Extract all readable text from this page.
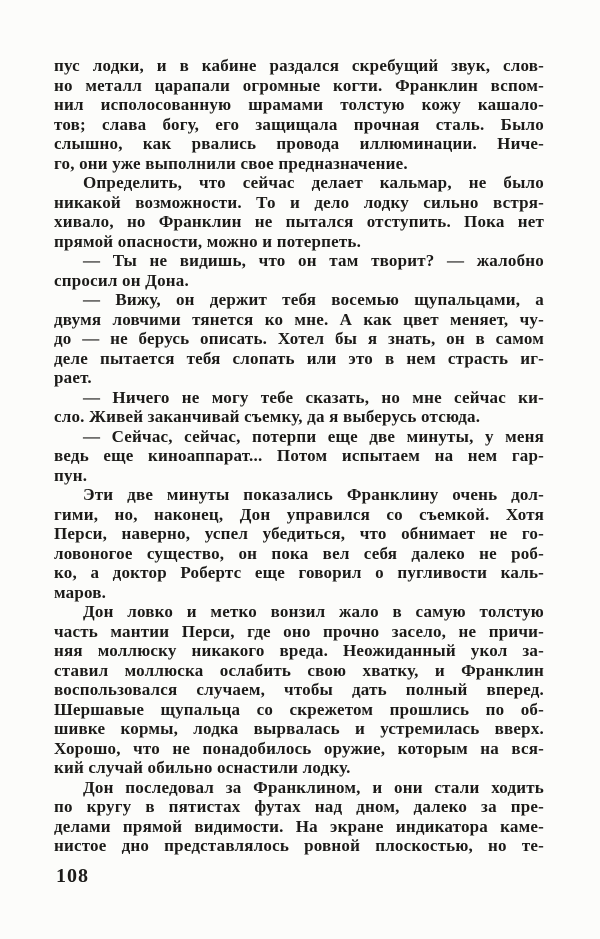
пус лодки, и в кабине раздался скребущий звук, слов-
но металл царапали огромные когти. Франклин вспом-
нил исполосованную шрамами толстую кожу кашало-
тов; слава богу, его защищала прочная сталь. Было
слышно, как рвались провода иллюминации. Ниче-
го, они уже выполнили свое предназначение.
Определить, что сейчас делает кальмар, не было
никакой возможности. То и дело лодку сильно встря-
хивало, но Франклин не пытался отступить. Пока нет
прямой опасности, можно и потерпеть.
— Ты не видишь, что он там творит? — жалобно
спросил он Дона.
— Вижу, он держит тебя восемью щупальцами, а
двумя ловчими тянется ко мне. А как цвет меняет, чу-
до — не берусь описать. Хотел бы я знать, он в самом
деле пытается тебя слопать или это в нем страсть иг-
рает.
— Ничего не могу тебе сказать, но мне сейчас ки-
сло. Живей заканчивай съемку, да я выберусь отсюда.
— Сейчас, сейчас, потерпи еще две минуты, у меня
ведь еще киноаппарат... Потом испытаем на нем гар-
пун.
Эти две минуты показались Франклину очень дол-
гими, но, наконец, Дон управился со съемкой. Хотя
Перси, наверно, успел убедиться, что обнимает не го-
ловоногое существо, он пока вел себя далеко не роб-
ко, а доктор Робертс еще говорил о пугливости каль-
маров.
Дон ловко и метко вонзил жало в самую толстую
часть мантии Перси, где оно прочно засело, не причи-
няя моллюску никакого вреда. Неожиданный укол за-
ставил моллюска ослабить свою хватку, и Франклин
воспользовался случаем, чтобы дать полный вперед.
Шершавые щупальца со скрежетом прошлись по об-
шивке кормы, лодка вырвалась и устремилась вверх.
Хорошо, что не понадобилось оружие, которым на вся-
кий случай обильно оснастили лодку.
Дон последовал за Франклином, и они стали ходить
по кругу в пятистах футах над дном, далеко за пре-
делами прямой видимости. На экране индикатора каме-
нистое дно представлялось ровной плоскостью, но те-
108
